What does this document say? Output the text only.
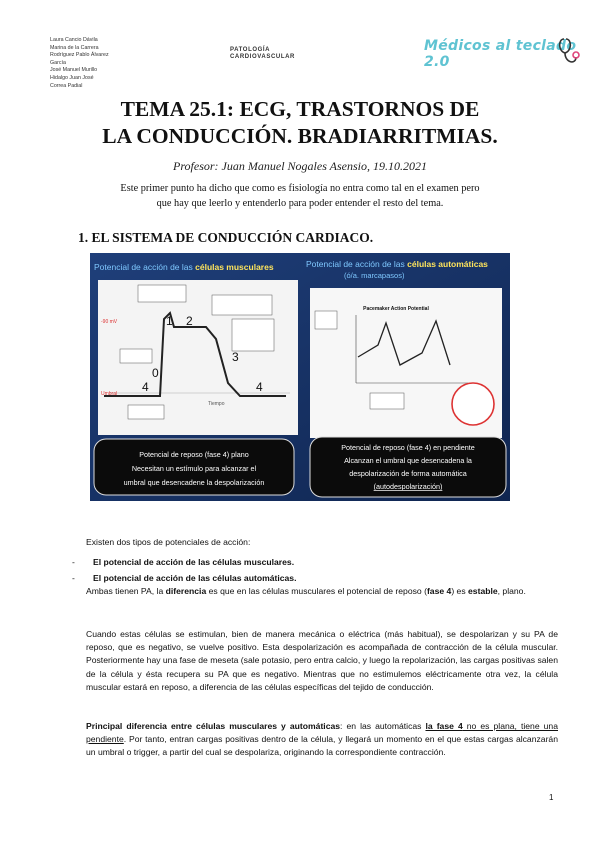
Laura Cancio Dávila
Marina de la Carrera
Rodríguez Pablo Álvarez
García
José Manuel Murillo
Hidalgo Juan José
Correa Padial
PATOLOGÍA
CARDIOVASCULAR
Médicos al teclado 2.0
TEMA 25.1: ECG, TRASTORNOS DE
LA CONDUCCIÓN. BRADIARRITMIAS.
Profesor: Juan Manuel Nogales Asensio, 19.10.2021
Este primer punto ha dicho que como es fisiología no entra como tal en el examen pero que hay que leerlo y entenderlo para poder entender el resto del tema.
1. EL SISTEMA DE CONDUCCIÓN CARDIACO.
Potencial de acción de las células musculares	Potencial de acción de las células automáticas
(ó/a. marcapasos)
-90 mV
Umbral
Tiempo
1 2
0
3
4	4
Pacemaker Action Potential
Potencial de reposo (fase 4) plano
Necesitan un estímulo para alcanzar el
umbral que desencadene la despolarización
Potencial de reposo (fase 4) en pendiente
Alcanzan el umbral que desencadena la
despolarización de forma automática
(autodespolarización)
Existen dos tipos de potenciales de acción:
- El potencial de acción de las células musculares.
- El potencial de acción de las células automáticas.
Ambas tienen PA, la diferencia es que en las células musculares el potencial de reposo (fase 4) es estable, plano.
Cuando estas células se estimulan, bien de manera mecánica o eléctrica (más habitual), se despolarizan y su PA de reposo, que es negativo, se vuelve positivo. Esta despolarización es acompañada de contracción de la célula muscular. Posteriormente hay una fase de meseta (sale potasio, pero entra calcio, y luego la repolarización, las cargas positivas salen de la célula y ésta recupera su PA que es negativo. Mientras que no estimulemos eléctricamente otra vez, la célula muscular estará en reposo, a diferencia de las células específicas del tejido de conducción.
Principal diferencia entre células musculares y automáticas: en las automáticas la fase 4 no es plana, tiene una pendiente. Por tanto, entran cargas positivas dentro de la célula, y llegará un momento en el que estas cargas alcanzarán un umbral o trigger, a partir del cual se despolariza, originando la correspondiente contracción.
1
